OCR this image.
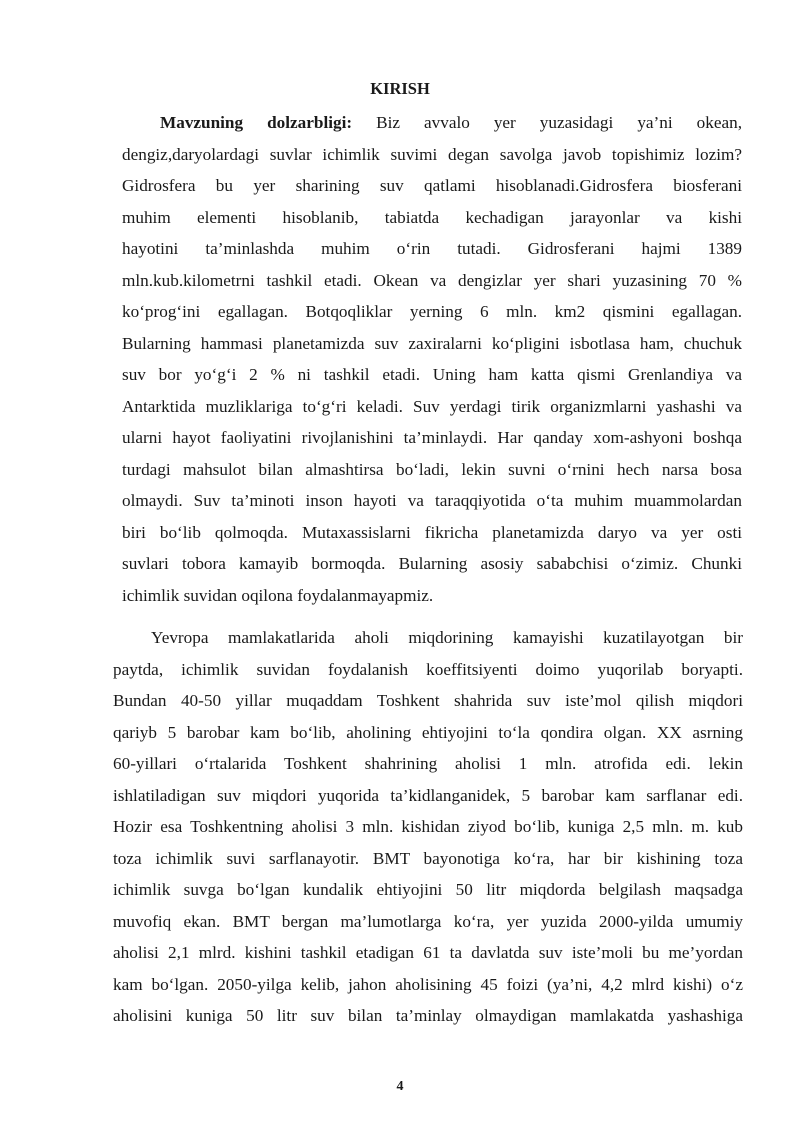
KIRISH
Mavzuning dolzarbligi: Biz avvalo yer yuzasidagi ya’ni okean,
dengiz,daryolardagi suvlar ichimlik suvimi degan savolga javob topishimiz lozim?
Gidrosfera bu yer sharining suv qatlami hisoblanadi.Gidrosfera biosferani
muhim elementi hisoblanib, tabiatda kechadigan jarayonlar va kishi
hayotini ta’minlashda muhim o‘rin tutadi. Gidrosferani hajmi 1389
mln.kub.kilometrni tashkil etadi. Okean va dengizlar yer shari yuzasining 70 %
ko‘prog‘ini egallagan. Botqoqliklar yerning 6 mln. km2 qismini egallagan.
Bularning hammasi planetamizda suv zaxiralarni ko‘pligini isbotlasa ham, chuchuk
suv bor yo‘g‘i 2 % ni tashkil etadi. Uning ham katta qismi Grenlandiya va
Antarktida muzliklariga to‘g‘ri keladi. Suv yerdagi tirik organizmlarni yashashi va
ularni hayot faoliyatini rivojlanishini ta’minlaydi. Har qanday xom-ashyoni boshqa
turdagi mahsulot bilan almashtirsa bo‘ladi, lekin suvni o‘rnini hech narsa bosa
olmaydi. Suv ta’minoti inson hayoti va taraqqiyotida o‘ta muhim muammolardan
biri bo‘lib qolmoqda. Mutaxassislarni fikricha planetamizda daryo va yer osti
suvlari tobora kamayib bormoqda. Bularning asosiy sababchisi o‘zimiz. Chunki
ichimlik suvidan oqilona foydalanmayapmiz.
Yevropa mamlakatlarida aholi miqdorining kamayishi kuzatilayotgan bir
paytda, ichimlik suvidan foydalanish koeffitsiyenti doimo yuqorilab boryapti.
Bundan 40-50 yillar muqaddam Toshkent shahrida suv iste’mol qilish miqdori
qariyb 5 barobar kam bo‘lib, aholining ehtiyojini to‘la qondira olgan. XX asrning
60-yillari o‘rtalarida Toshkent shahrining aholisi 1 mln. atrofida edi. lekin
ishlatiladigan suv miqdori yuqorida ta’kidlanganidek, 5 barobar kam sarflanar edi.
Hozir esa Toshkentning aholisi 3 mln. kishidan ziyod bo‘lib, kuniga 2,5 mln. m. kub
toza ichimlik suvi sarflanayotir. BMT bayonotiga ko‘ra, har bir kishining toza
ichimlik suvga bo‘lgan kundalik ehtiyojini 50 litr miqdorda belgilash maqsadga
muvofiq ekan. BMT bergan ma’lumotlarga ko‘ra, yer yuzida 2000-yilda umumiy
aholisi 2,1 mlrd. kishini tashkil etadigan 61 ta davlatda suv iste’moli bu me’yordan
kam bo‘lgan. 2050-yilga kelib, jahon aholisining 45 foizi (ya’ni, 4,2 mlrd kishi) o‘z
aholisini kuniga 50 litr suv bilan ta’minlay olmaydigan mamlakatda yashashiga
4
